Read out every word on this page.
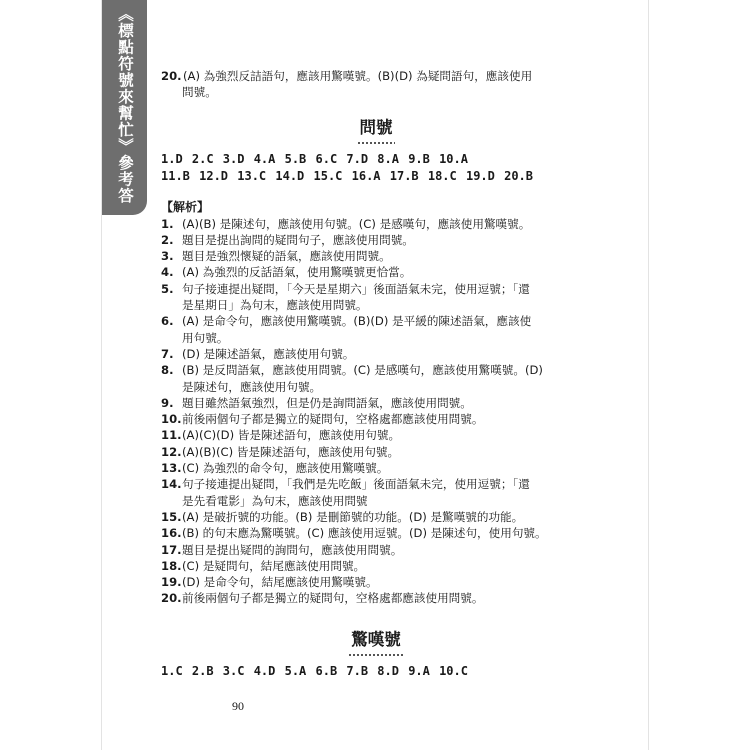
《標點符號來幫忙》參考答案
20. (A) 為強烈反詰語句，應該用驚嘆號。(B)(D) 為疑問語句，應該使用
問號。
問號
1.D 2.C 3.D 4.A 5.B 6.C 7.D 8.A 9.B 10.A
11.B 12.D 13.C 14.D 15.C 16.A 17.B 18.C 19.D 20.B
【解析】
1. (A)(B) 是陳述句，應該使用句號。(C) 是感嘆句，應該使用驚嘆號。
2. 題目是提出詢問的疑問句子，應該使用問號。
3. 題目是強烈懷疑的語氣，應該使用問號。
4. (A) 為強烈的反話語氣，使用驚嘆號更恰當。
5. 句子接連提出疑問，「今天是星期六」後面語氣未完，使用逗號；「還
是星期日」為句末，應該使用問號。
6. (A) 是命令句，應該使用驚嘆號。(B)(D) 是平緩的陳述語氣，應該使
用句號。
7. (D) 是陳述語氣，應該使用句號。
8. (B) 是反問語氣，應該使用問號。(C) 是感嘆句，應該使用驚嘆號。(D)
是陳述句，應該使用句號。
9. 題目雖然語氣強烈，但是仍是詢問語氣，應該使用問號。
10. 前後兩個句子都是獨立的疑問句，空格處都應該使用問號。
11. (A)(C)(D) 皆是陳述語句，應該使用句號。
12. (A)(B)(C) 皆是陳述語句，應該使用句號。
13. (C) 為強烈的命令句，應該使用驚嘆號。
14. 句子接連提出疑問，「我們是先吃飯」後面語氣未完，使用逗號；「還
是先看電影」為句末，應該使用問號
15. (A) 是破折號的功能。(B) 是刪節號的功能。(D) 是驚嘆號的功能。
16. (B) 的句末應為驚嘆號。(C) 應該使用逗號。(D) 是陳述句，使用句號。
17. 題目是提出疑問的詢問句，應該使用問號。
18. (C) 是疑問句，結尾應該使用問號。
19. (D) 是命令句，結尾應該使用驚嘆號。
20. 前後兩個句子都是獨立的疑問句，空格處都應該使用問號。
驚嘆號
1.C 2.B 3.C 4.D 5.A 6.B 7.B 8.D 9.A 10.C
90
